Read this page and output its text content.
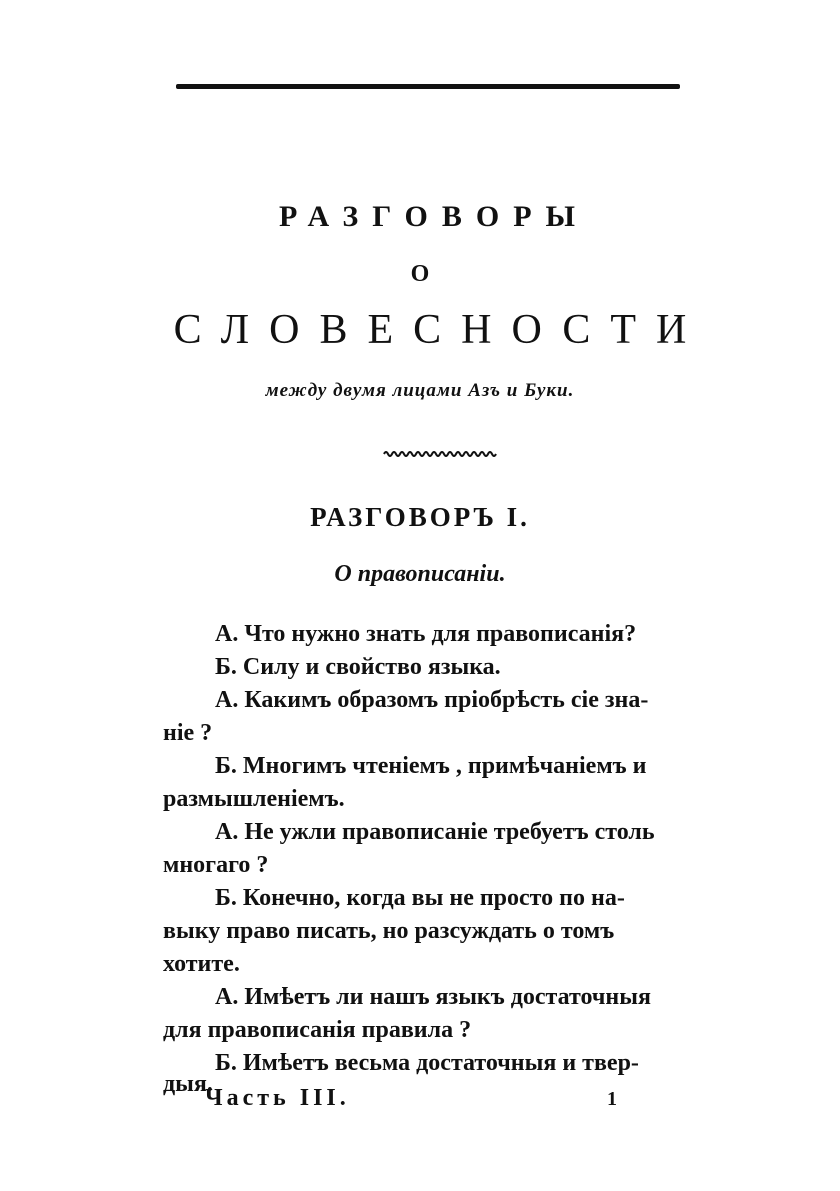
РАЗГОВОРЫ
О
СЛОВЕСНОСТИ
между двумя лицами Азъ и Буки.
РАЗГОВОРЪ I.
О правописаніи.
А. Что нужно знать для правописанія?
Б. Силу и свойство языка.
А. Какимъ образомъ пріобрѣсть сіе зна-
ніе ?
Б. Многимъ чтеніемъ , примѣчаніемъ и
размышленіемъ.
А. Не ужли правописаніе требуетъ столь
многаго ?
Б. Конечно, когда вы не просто по на-
выку право писать, но разсуждать о томъ
хотите.
А. Имѣетъ ли нашъ языкъ достаточныя
для правописанія правила ?
Б. Имѣетъ весьма достаточныя и твер-
дыя.
Часть III.	1
